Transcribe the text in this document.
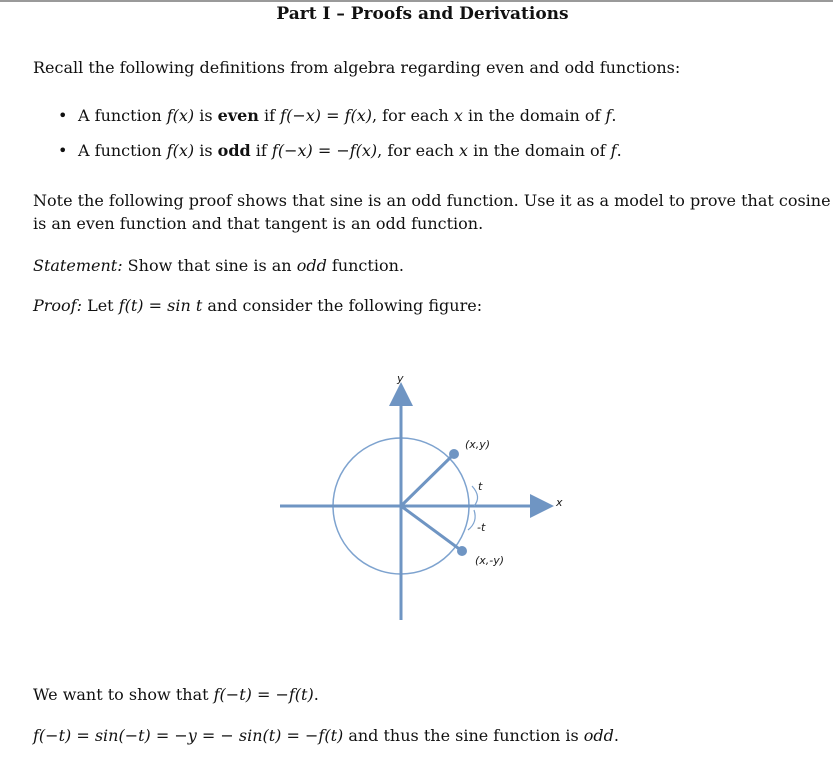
Part I – Proofs and Derivations
Recall the following definitions from algebra regarding even and odd functions:
• A function f(x) is even if f(−x) = f(x), for each x in the domain of f.
• A function f(x) is odd if f(−x) = −f(x), for each x in the domain of f.
Note the following proof shows that sine is an odd function. Use it as a model to prove that cosine
is an even function and that tangent is an odd function.
Statement: Show that sine is an odd function.
Proof: Let f(t) = sin t and consider the following figure:
y
x
(x,y)
t
-t
(x,-y)
We want to show that f(−t) = −f(t).
f(−t) = sin(−t) = −y = − sin(t) = −f(t) and thus the sine function is odd.
